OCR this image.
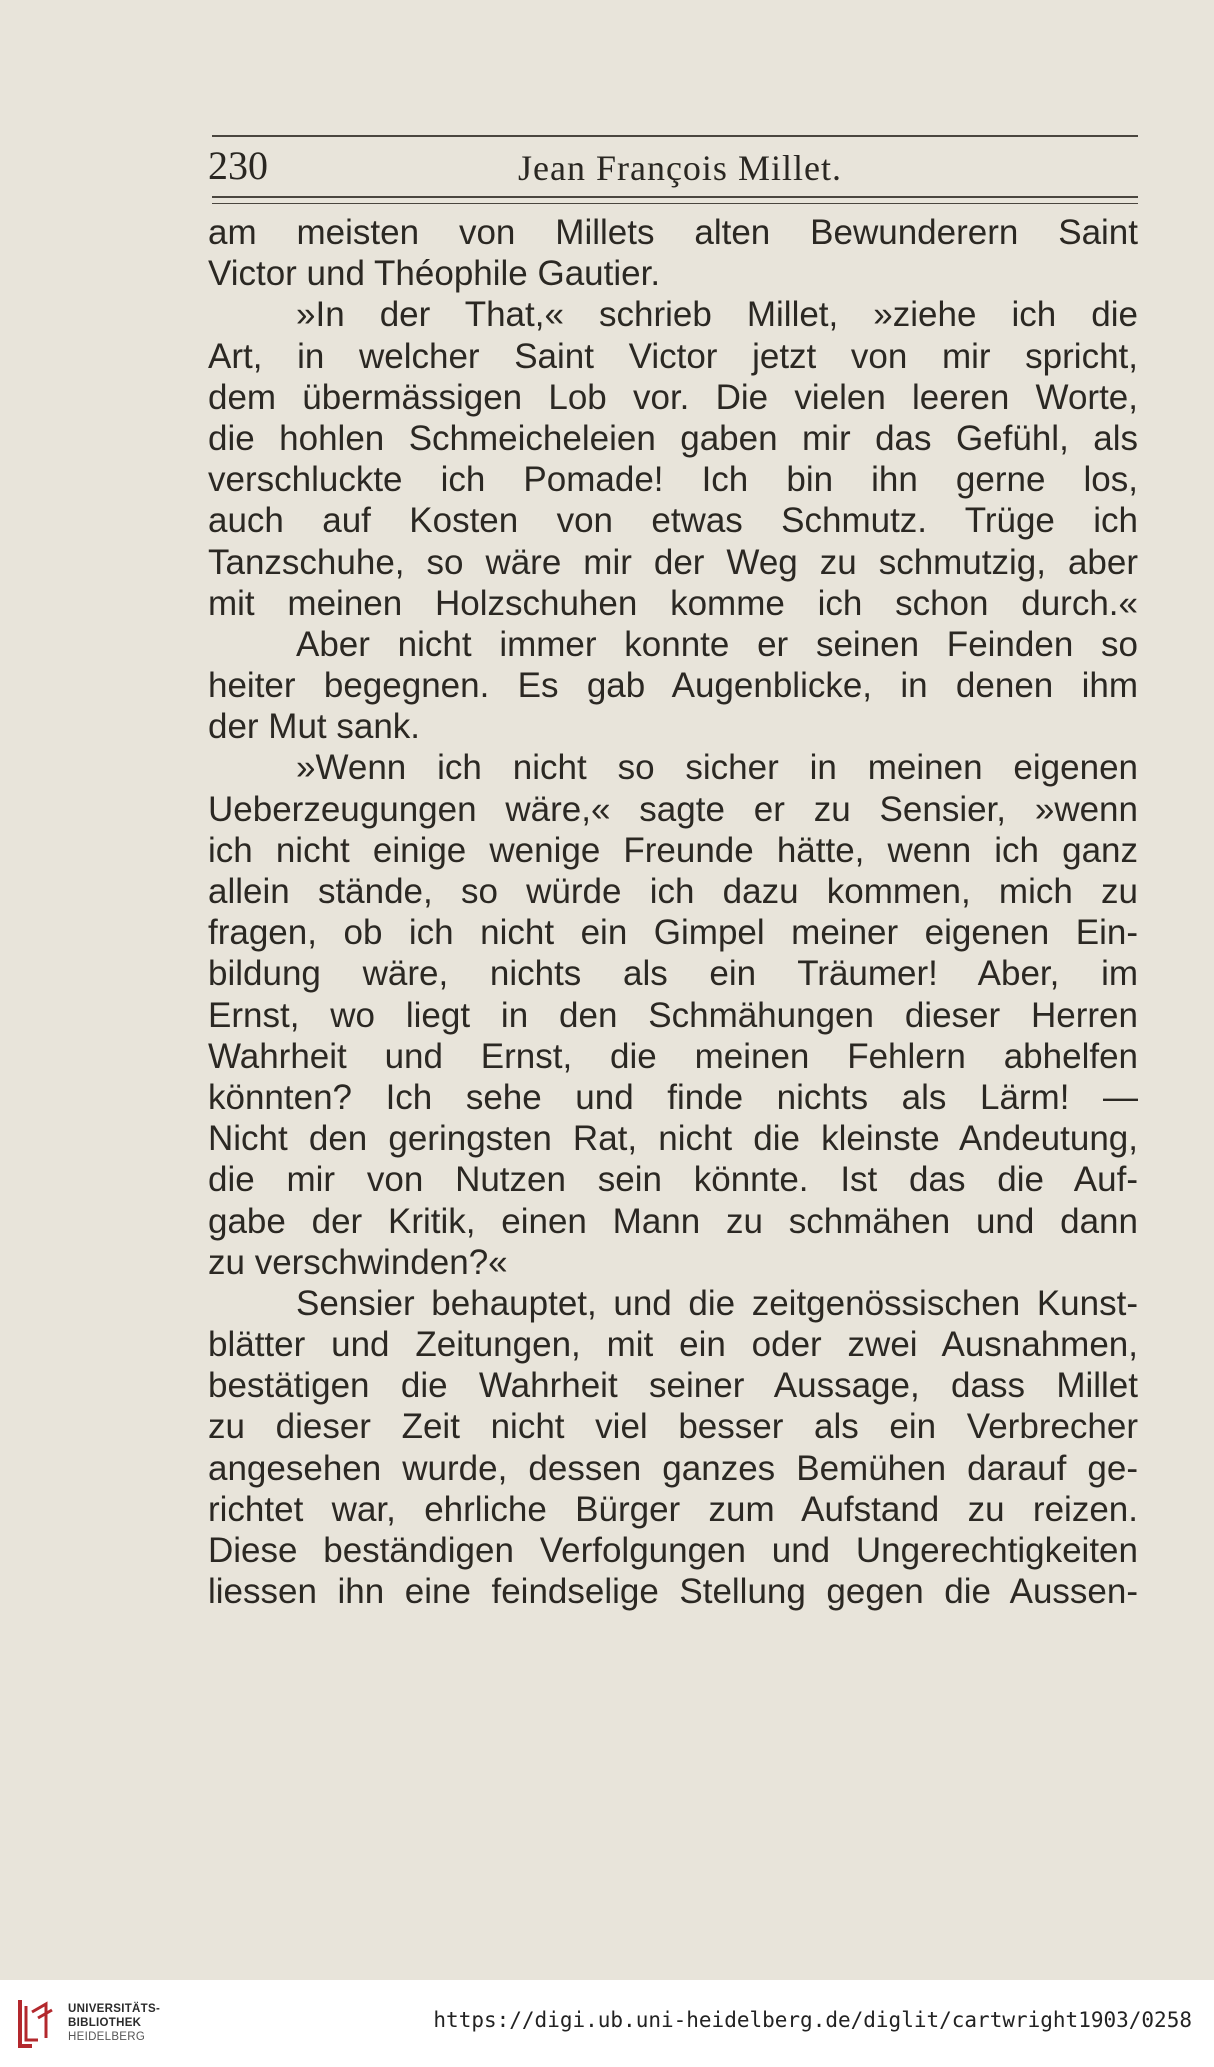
230	Jean François Millet.
am meisten von Millets alten Bewunderern Saint
Victor und Théophile Gautier.
»In der That,« schrieb Millet, »ziehe ich die
Art, in welcher Saint Victor jetzt von mir spricht,
dem übermässigen Lob vor. Die vielen leeren Worte,
die hohlen Schmeicheleien gaben mir das Gefühl, als
verschluckte ich Pomade! Ich bin ihn gerne los,
auch auf Kosten von etwas Schmutz. Trüge ich
Tanzschuhe, so wäre mir der Weg zu schmutzig, aber
mit meinen Holzschuhen komme ich schon durch.«
Aber nicht immer konnte er seinen Feinden so
heiter begegnen. Es gab Augenblicke, in denen ihm
der Mut sank.
»Wenn ich nicht so sicher in meinen eigenen
Ueberzeugungen wäre,« sagte er zu Sensier, »wenn
ich nicht einige wenige Freunde hätte, wenn ich ganz
allein stände, so würde ich dazu kommen, mich zu
fragen, ob ich nicht ein Gimpel meiner eigenen Ein-
bildung wäre, nichts als ein Träumer! Aber, im
Ernst, wo liegt in den Schmähungen dieser Herren
Wahrheit und Ernst, die meinen Fehlern abhelfen
könnten? Ich sehe und finde nichts als Lärm! —
Nicht den geringsten Rat, nicht die kleinste Andeutung,
die mir von Nutzen sein könnte. Ist das die Auf-
gabe der Kritik, einen Mann zu schmähen und dann
zu verschwinden?«
Sensier behauptet, und die zeitgenössischen Kunst-
blätter und Zeitungen, mit ein oder zwei Ausnahmen,
bestätigen die Wahrheit seiner Aussage, dass Millet
zu dieser Zeit nicht viel besser als ein Verbrecher
angesehen wurde, dessen ganzes Bemühen darauf ge-
richtet war, ehrliche Bürger zum Aufstand zu reizen.
Diese beständigen Verfolgungen und Ungerechtigkeiten
liessen ihn eine feindselige Stellung gegen die Aussen-
UNIVERSITÄTS-
BIBLIOTHEK
HEIDELBERG
https://digi.ub.uni-heidelberg.de/diglit/cartwright1903/0258
